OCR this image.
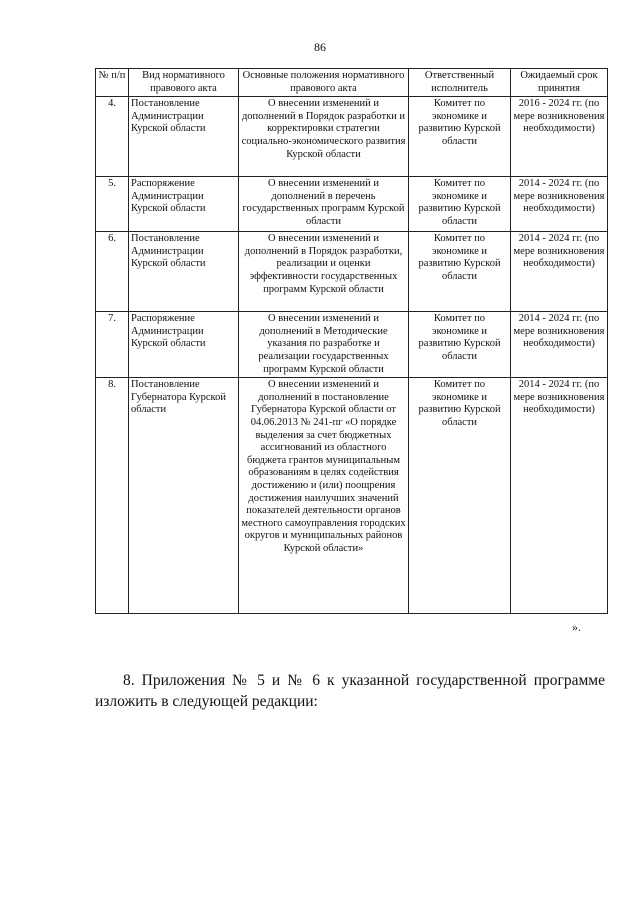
86
№ п/п	Вид нормативного правового акта	Основные положения нормативного правового акта	Ответственный исполнитель	Ожидаемый срок принятия
4.	Постановление Администрации Курской области	О внесении изменений и дополнений в Порядок разработки и корректировки стратегии социально-экономического развития Курской области	Комитет по экономике и развитию Курской области	2016 - 2024 гг. (по мере возникновения необходимости)
5.	Распоряжение Администрации Курской области	О внесении изменений и дополнений в перечень государственных программ Курской области	Комитет по экономике и развитию Курской области	2014 - 2024 гг. (по мере возникновения необходимости)
6.	Постановление Администрации Курской области	О внесении изменений и дополнений в Порядок разработки, реализации и оценки эффективности государственных программ Курской области	Комитет по экономике и развитию Курской области	2014 - 2024 гг. (по мере возникновения необходимости)
7.	Распоряжение Администрации Курской области	О внесении изменений и дополнений в Методические указания по разработке и реализации государственных программ Курской области	Комитет по экономике и развитию Курской области	2014 - 2024 гг. (по мере возникновения необходимости)
8.	Постановление Губернатора Курской области	О внесении изменений и дополнений в постановление Губернатора Курской области от 04.06.2013 № 241-пг «О порядке выделения за счет бюджетных ассигнований из областного бюджета грантов муниципальным образованиям в целях содействия достижению и (или) поощрения достижения наилучших значений показателей деятельности органов местного самоуправления городских округов и муниципальных районов Курской области»	Комитет по экономике и развитию Курской области	2014 - 2024 гг. (по мере возникновения необходимости)
».

8. Приложения № 5 и № 6 к указанной государственной программе изложить в следующей редакции:
